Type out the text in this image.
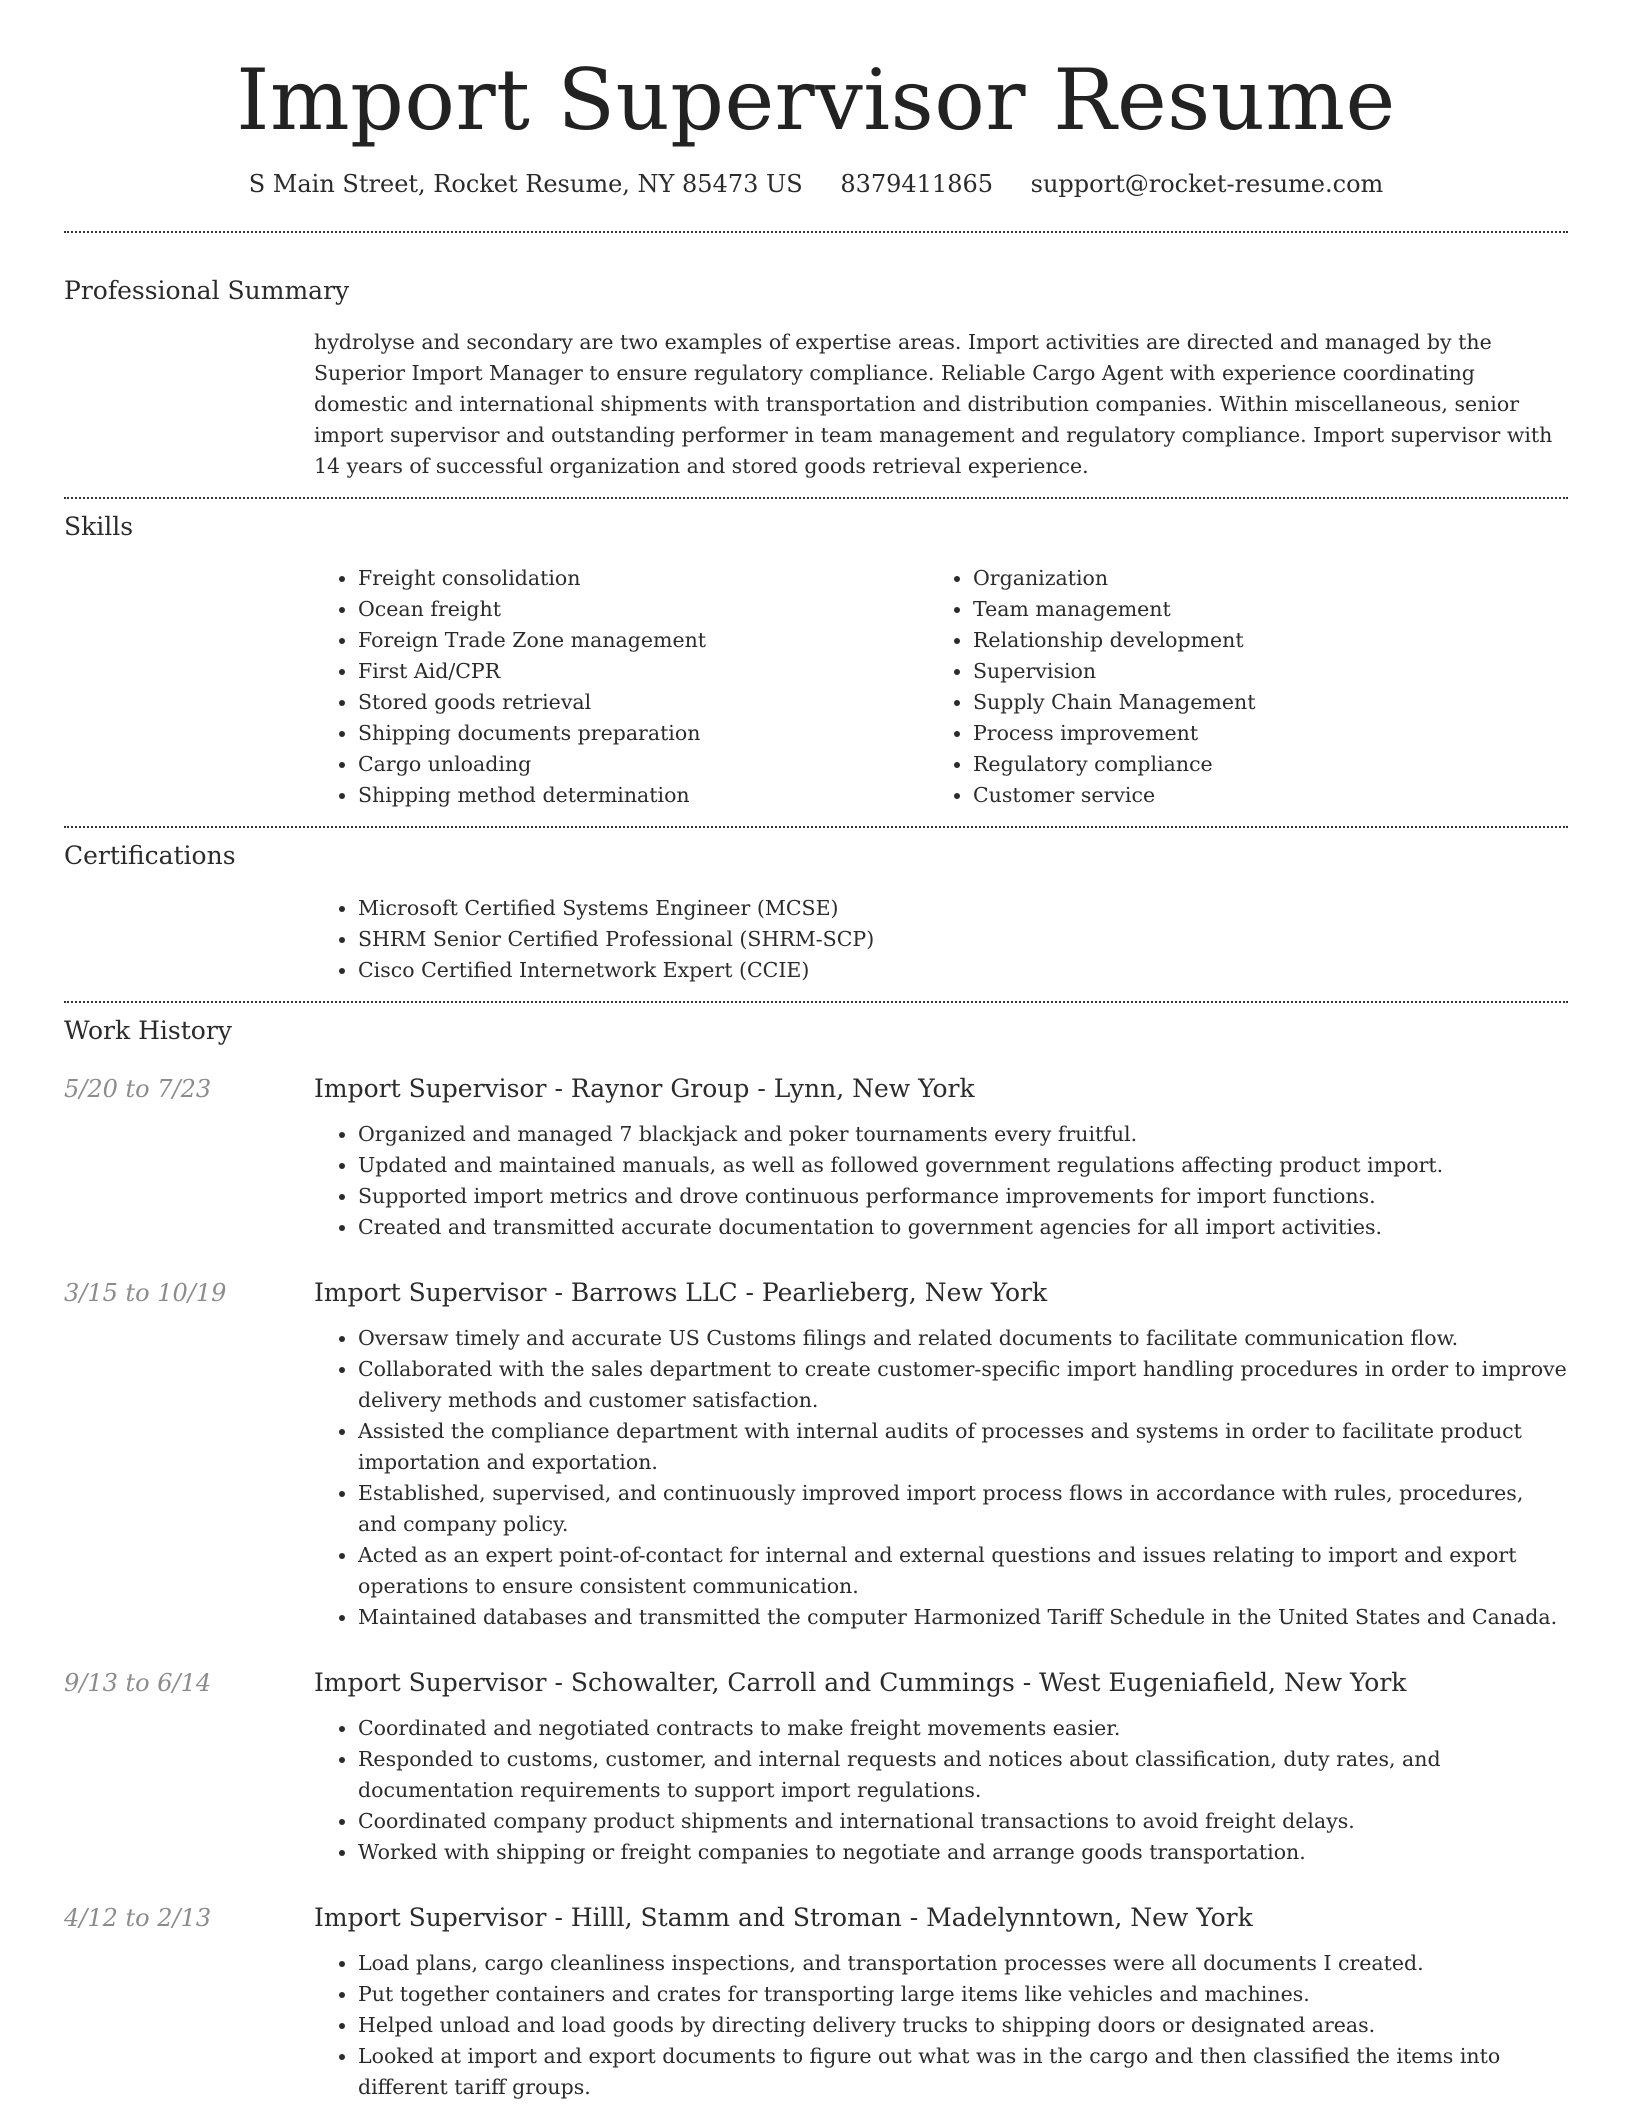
Import Supervisor Resume
S Main Street, Rocket Resume, NY 85473 US 8379411865 support@rocket-resume.com
Professional Summary

hydrolyse and secondary are two examples of expertise areas. Import activities are directed and managed by the Superior Import Manager to ensure regulatory compliance. Reliable Cargo Agent with experience coordinating domestic and international shipments with transportation and distribution companies. Within miscellaneous, senior import supervisor and outstanding performer in team management and regulatory compliance. Import supervisor with 14 years of successful organization and stored goods retrieval experience.

Skills
• Freight consolidation
• Ocean freight
• Foreign Trade Zone management
• First Aid/CPR
• Stored goods retrieval
• Shipping documents preparation
• Cargo unloading
• Shipping method determination
• Organization
• Team management
• Relationship development
• Supervision
• Supply Chain Management
• Process improvement
• Regulatory compliance
• Customer service
Certifications
• Microsoft Certified Systems Engineer (MCSE)
• SHRM Senior Certified Professional (SHRM-SCP)
• Cisco Certified Internetwork Expert (CCIE)
Work History
5/20 to 7/23	Import Supervisor - Raynor Group - Lynn, New York
• Organized and managed 7 blackjack and poker tournaments every fruitful.
• Updated and maintained manuals, as well as followed government regulations affecting product import.
• Supported import metrics and drove continuous performance improvements for import functions.
• Created and transmitted accurate documentation to government agencies for all import activities.
3/15 to 10/19	Import Supervisor - Barrows LLC - Pearlieberg, New York
• Oversaw timely and accurate US Customs filings and related documents to facilitate communication flow.
• Collaborated with the sales department to create customer-specific import handling procedures in order to improve delivery methods and customer satisfaction.
• Assisted the compliance department with internal audits of processes and systems in order to facilitate product importation and exportation.
• Established, supervised, and continuously improved import process flows in accordance with rules, procedures, and company policy.
• Acted as an expert point-of-contact for internal and external questions and issues relating to import and export operations to ensure consistent communication.
• Maintained databases and transmitted the computer Harmonized Tariff Schedule in the United States and Canada.
9/13 to 6/14	Import Supervisor - Schowalter, Carroll and Cummings - West Eugeniafield, New York
• Coordinated and negotiated contracts to make freight movements easier.
• Responded to customs, customer, and internal requests and notices about classification, duty rates, and documentation requirements to support import regulations.
• Coordinated company product shipments and international transactions to avoid freight delays.
• Worked with shipping or freight companies to negotiate and arrange goods transportation.
4/12 to 2/13	Import Supervisor - Hilll, Stamm and Stroman - Madelynntown, New York
• Load plans, cargo cleanliness inspections, and transportation processes were all documents I created.
• Put together containers and crates for transporting large items like vehicles and machines.
• Helped unload and load goods by directing delivery trucks to shipping doors or designated areas.
• Looked at import and export documents to figure out what was in the cargo and then classified the items into different tariff groups.
